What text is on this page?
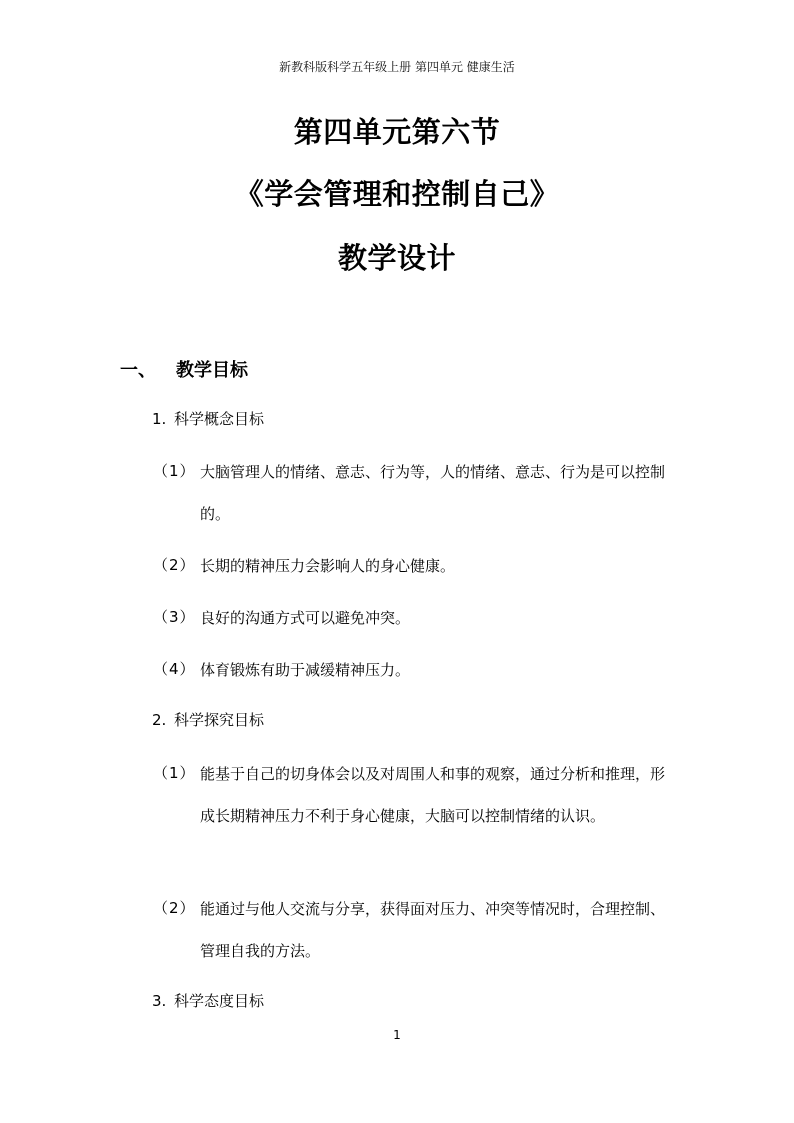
新教科版科学五年级上册 第四单元 健康生活
第四单元第六节
《学会管理和控制自己》
教学设计
一、 教学目标
1. 科学概念目标
（1） 大脑管理人的情绪、意志、行为等，人的情绪、意志、行为是可以控制的。
（2） 长期的精神压力会影响人的身心健康。
（3） 良好的沟通方式可以避免冲突。
（4） 体育锻炼有助于减缓精神压力。
2. 科学探究目标
（1） 能基于自己的切身体会以及对周围人和事的观察，通过分析和推理，形成长期精神压力不利于身心健康，大脑可以控制情绪的认识。
（2） 能通过与他人交流与分享，获得面对压力、冲突等情况时，合理控制、管理自我的方法。
3. 科学态度目标
1
